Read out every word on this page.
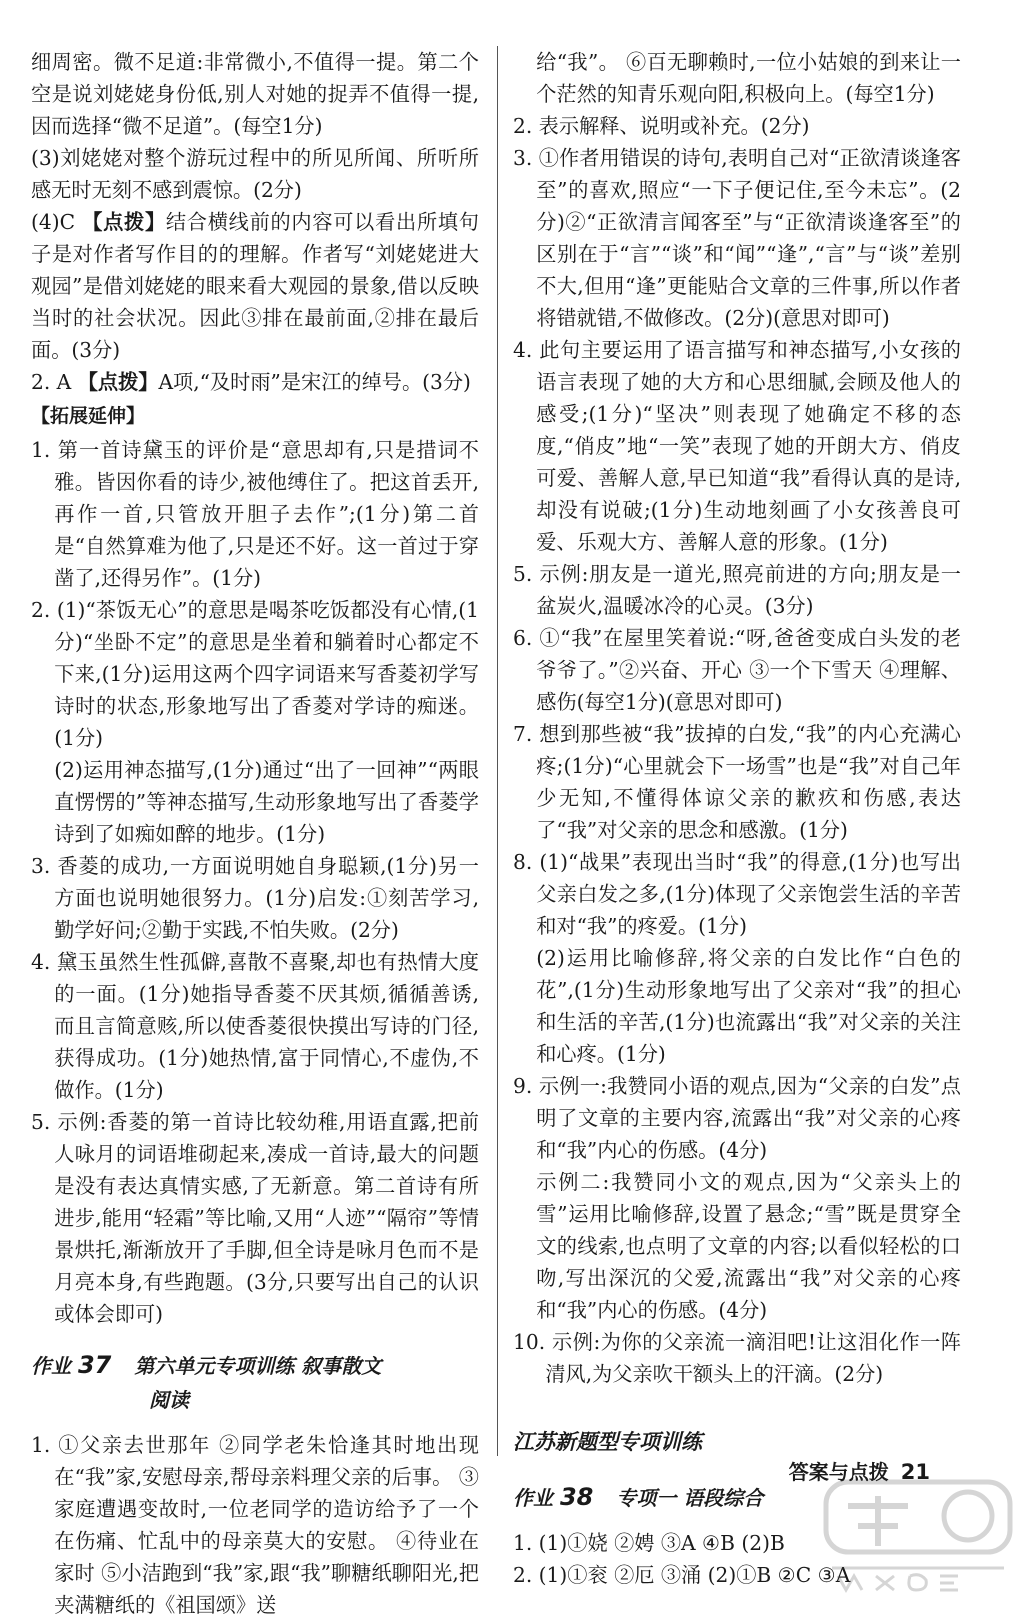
细周密。微不足道:非常微小,不值得一提。第二个空是说刘姥姥身份低,别人对她的捉弄不值得一提,因而选择“微不足道”。(每空1分)

(3)刘姥姥对整个游玩过程中的所见所闻、所听所感无时无刻不感到震惊。(2分)

(4)C 【点拨】结合横线前的内容可以看出所填句子是对作者写作目的的理解。作者写“刘姥姥进大观园”是借刘姥姥的眼来看大观园的景象,借以反映当时的社会状况。因此③排在最前面,②排在最后面。(3分)

2. A 【点拨】A项,“及时雨”是宋江的绰号。(3分)

【拓展延伸】

1. 第一首诗黛玉的评价是“意思却有,只是措词不雅。皆因你看的诗少,被他缚住了。把这首丢开,再作一首,只管放开胆子去作”;(1分)第二首是“自然算难为他了,只是还不好。这一首过于穿凿了,还得另作”。(1分)

2. (1)“茶饭无心”的意思是喝茶吃饭都没有心情,(1分)“坐卧不定”的意思是坐着和躺着时心都定不下来,(1分)运用这两个四字词语来写香菱初学写诗时的状态,形象地写出了香菱对学诗的痴迷。(1分)

(2)运用神态描写,(1分)通过“出了一回神”“两眼直愣愣的”等神态描写,生动形象地写出了香菱学诗到了如痴如醉的地步。(1分)

3. 香菱的成功,一方面说明她自身聪颖,(1分)另一方面也说明她很努力。(1分)启发:①刻苦学习,勤学好问;②勤于实践,不怕失败。(2分)

4. 黛玉虽然生性孤僻,喜散不喜聚,却也有热情大度的一面。(1分)她指导香菱不厌其烦,循循善诱,而且言简意赅,所以使香菱很快摸出写诗的门径,获得成功。(1分)她热情,富于同情心,不虚伪,不做作。(1分)

5. 示例:香菱的第一首诗比较幼稚,用语直露,把前人咏月的词语堆砌起来,凑成一首诗,最大的问题是没有表达真情实感,了无新意。第二首诗有所进步,能用“轻霜”等比喻,又用“人迹”“隔帘”等情景烘托,渐渐放开了手脚,但全诗是咏月色而不是月亮本身,有些跑题。(3分,只要写出自己的认识或体会即可)

作业 37 第六单元专项训练 叙事散文
阅读

1. ①父亲去世那年 ②同学老朱恰逢其时地出现在“我”家,安慰母亲,帮母亲料理父亲的后事。 ③家庭遭遇变故时,一位老同学的造访给予了一个在伤痛、忙乱中的母亲莫大的安慰。 ④待业在家时 ⑤小洁跑到“我”家,跟“我”聊糖纸聊阳光,把夹满糖纸的《祖国颂》送

给“我”。 ⑥百无聊赖时,一位小姑娘的到来让一个茫然的知青乐观向阳,积极向上。(每空1分)

2. 表示解释、说明或补充。(2分)

3. ①作者用错误的诗句,表明自己对“正欲清谈逢客至”的喜欢,照应“一下子便记住,至今未忘”。(2分)②“正欲清言闻客至”与“正欲清谈逢客至”的区别在于“言”“谈”和“闻”“逢”,“言”与“谈”差别不大,但用“逢”更能贴合文章的三件事,所以作者将错就错,不做修改。(2分)(意思对即可)

4. 此句主要运用了语言描写和神态描写,小女孩的语言表现了她的大方和心思细腻,会顾及他人的感受;(1分)“坚决”则表现了她确定不移的态度,“俏皮”地“一笑”表现了她的开朗大方、俏皮可爱、善解人意,早已知道“我”看得认真的是诗,却没有说破;(1分)生动地刻画了小女孩善良可爱、乐观大方、善解人意的形象。(1分)

5. 示例:朋友是一道光,照亮前进的方向;朋友是一盆炭火,温暖冰冷的心灵。(3分)

6. ①“我”在屋里笑着说:“呀,爸爸变成白头发的老爷爷了。”②兴奋、开心 ③一个下雪天 ④理解、感伤(每空1分)(意思对即可)

7. 想到那些被“我”拔掉的白发,“我”的内心充满心疼;(1分)“心里就会下一场雪”也是“我”对自己年少无知,不懂得体谅父亲的歉疚和伤感,表达了“我”对父亲的思念和感激。(1分)

8. (1)“战果”表现出当时“我”的得意,(1分)也写出父亲白发之多,(1分)体现了父亲饱尝生活的辛苦和对“我”的疼爱。(1分)

(2)运用比喻修辞,将父亲的白发比作“白色的花”,(1分)生动形象地写出了父亲对“我”的担心和生活的辛苦,(1分)也流露出“我”对父亲的关注和心疼。(1分)

9. 示例一:我赞同小语的观点,因为“父亲的白发”点明了文章的主要内容,流露出“我”对父亲的心疼和“我”内心的伤感。(4分)

示例二:我赞同小文的观点,因为“父亲头上的雪”运用比喻修辞,设置了悬念;“雪”既是贯穿全文的线索,也点明了文章的内容;以看似轻松的口吻,写出深沉的父爱,流露出“我”对父亲的心疼和“我”内心的伤感。(4分)

10. 示例:为你的父亲流一滴泪吧!让这泪化作一阵清风,为父亲吹干额头上的汗滴。(2分)

江苏新题型专项训练
作业 38 专项一 语段综合

1. (1)①娆 ②娉 ③A ④B (2)B

2. (1)①衮 ②厄 ③涌 (2)①B ②C ③A

答案与点拨 21
